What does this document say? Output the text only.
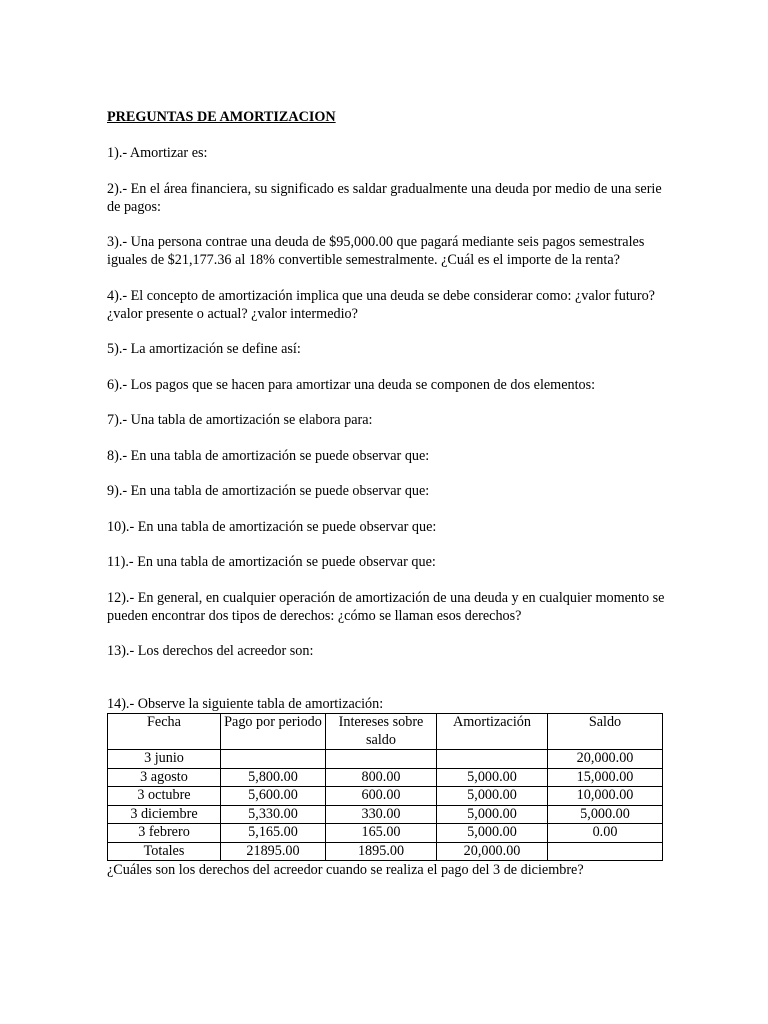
PREGUNTAS DE AMORTIZACION

1).- Amortizar es:

2).- En el área financiera, su significado es saldar gradualmente una deuda por medio de una serie de pagos:

3).- Una persona contrae una deuda de $95,000.00 que pagará mediante seis pagos semestrales iguales de $21,177.36 al 18% convertible semestralmente. ¿Cuál es el importe de la renta?

4).- El concepto de amortización implica que una deuda se debe considerar como: ¿valor futuro? ¿valor presente o actual? ¿valor intermedio?

5).- La amortización se define así:

6).- Los pagos que se hacen para amortizar una deuda se componen de dos elementos:

7).- Una tabla de amortización se elabora para:

8).- En una tabla de amortización se puede observar que:

9).- En una tabla de amortización se puede observar que:

10).- En una tabla de amortización se puede observar que:

11).- En una tabla de amortización se puede observar que:

12).- En general, en cualquier operación de amortización de una deuda y en cualquier momento se pueden encontrar dos tipos de derechos: ¿cómo se llaman esos derechos?

13).- Los derechos del acreedor son:

14).- Observe la siguiente tabla de amortización:

Fecha	Pago por periodo	Intereses sobre saldo	Amortización	Saldo
3 junio				20,000.00
3 agosto	5,800.00	800.00	5,000.00	15,000.00
3 octubre	5,600.00	600.00	5,000.00	10,000.00
3 diciembre	5,330.00	330.00	5,000.00	5,000.00
3 febrero	5,165.00	165.00	5,000.00	0.00
Totales	21895.00	1895.00	20,000.00	

¿Cuáles son los derechos del acreedor cuando se realiza el pago del 3 de diciembre?
